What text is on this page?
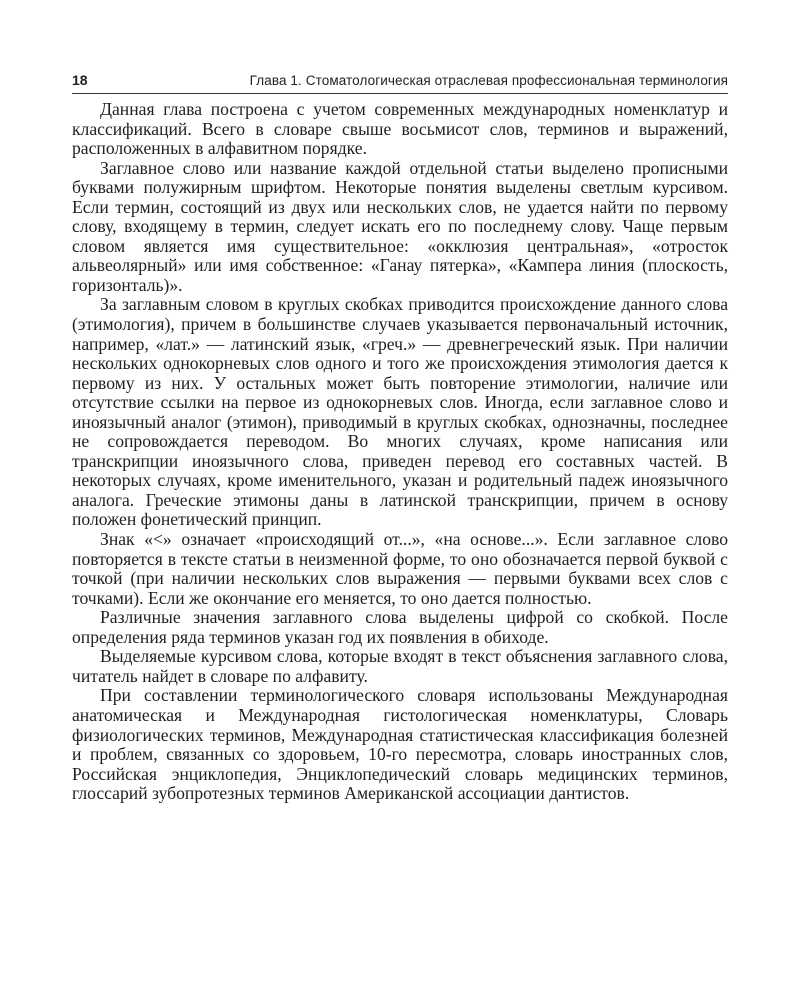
18	Глава 1. Стоматологическая отраслевая профессиональная терминология

Данная глава построена с учетом современных международных номенклатур и классификаций. Всего в словаре свыше восьмисот слов, терминов и выражений, расположенных в алфавитном порядке.

Заглавное слово или название каждой отдельной статьи выделено прописными буквами полужирным шрифтом. Некоторые понятия выделены светлым курсивом. Если термин, состоящий из двух или нескольких слов, не удается найти по первому слову, входящему в термин, следует искать его по последнему слову. Чаще первым словом является имя существительное: «окклюзия центральная», «отросток альвеолярный» или имя собственное: «Ганау пятерка», «Кампера линия (плоскость, горизонталь)».

За заглавным словом в круглых скобках приводится происхождение данного слова (этимология), причем в большинстве случаев указывается первоначальный источник, например, «лат.» — латинский язык, «греч.» — древнегреческий язык. При наличии нескольких однокорневых слов одного и того же происхождения этимология дается к первому из них. У остальных может быть повторение этимологии, наличие или отсутствие ссылки на первое из однокорневых слов. Иногда, если заглавное слово и иноязычный аналог (этимон), приводимый в круглых скобках, однозначны, последнее не сопровождается переводом. Во многих случаях, кроме написания или транскрипции иноязычного слова, приведен перевод его составных частей. В некоторых случаях, кроме именительного, указан и родительный падеж иноязычного аналога. Греческие этимоны даны в латинской транскрипции, причем в основу положен фонетический принцип.

Знак «<» означает «происходящий от...», «на основе...». Если заглавное слово повторяется в тексте статьи в неизменной форме, то оно обозначается первой буквой с точкой (при наличии нескольких слов выражения — первыми буквами всех слов с точками). Если же окончание его меняется, то оно дается полностью.

Различные значения заглавного слова выделены цифрой со скобкой. После определения ряда терминов указан год их появления в обиходе.

Выделяемые курсивом слова, которые входят в текст объяснения заглавного слова, читатель найдет в словаре по алфавиту.

При составлении терминологического словаря использованы Международная анатомическая и Международная гистологическая номенклатуры, Словарь физиологических терминов, Международная статистическая классификация болезней и проблем, связанных со здоровьем, 10-го пересмотра, словарь иностранных слов, Российская энциклопедия, Энциклопедический словарь медицинских терминов, глоссарий зубопротезных терминов Американской ассоциации дантистов.
